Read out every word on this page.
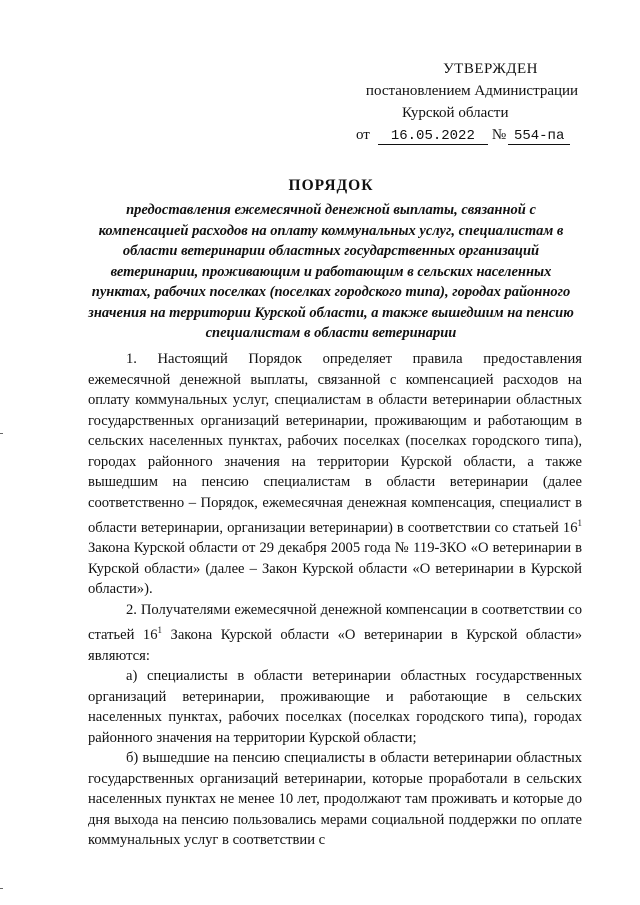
УТВЕРЖДЕН
постановлением Администрации
Курской области
от	16.05.2022	№ 554-па
ПОРЯДОК
предоставления ежемесячной денежной выплаты, связанной с компенсацией расходов на оплату коммунальных услуг, специалистам в области ветеринарии областных государственных организаций ветеринарии, проживающим и работающим в сельских населенных пунктах, рабочих поселках (поселках городского типа), городах районного значения на территории Курской области, а также вышедшим на пенсию специалистам в области ветеринарии

1. Настоящий Порядок определяет правила предоставления ежемесячной денежной выплаты, связанной с компенсацией расходов на оплату коммунальных услуг, специалистам в области ветеринарии областных государственных организаций ветеринарии, проживающим и работающим в сельских населенных пунктах, рабочих поселках (поселках городского типа), городах районного значения на территории Курской области, а также вышедшим на пенсию специалистам в области ветеринарии (далее соответственно – Порядок, ежемесячная денежная компенсация, специалист в области ветеринарии, организации ветеринарии) в соответствии со статьей $16^1$ Закона Курской области от 29 декабря 2005 года № 119-ЗКО «О ветеринарии в Курской области» (далее – Закон Курской области «О ветеринарии в Курской области»).

2. Получателями ежемесячной денежной компенсации в соответствии со статьей $16^1$ Закона Курской области «О ветеринарии в Курской области» являются:

а) специалисты в области ветеринарии областных государственных организаций ветеринарии, проживающие и работающие в сельских населенных пунктах, рабочих поселках (поселках городского типа), городах районного значения на территории Курской области;

б) вышедшие на пенсию специалисты в области ветеринарии областных государственных организаций ветеринарии, которые проработали в сельских населенных пунктах не менее 10 лет, продолжают там проживать и которые до дня выхода на пенсию пользовались мерами социальной поддержки по оплате коммунальных услуг в соответствии с
